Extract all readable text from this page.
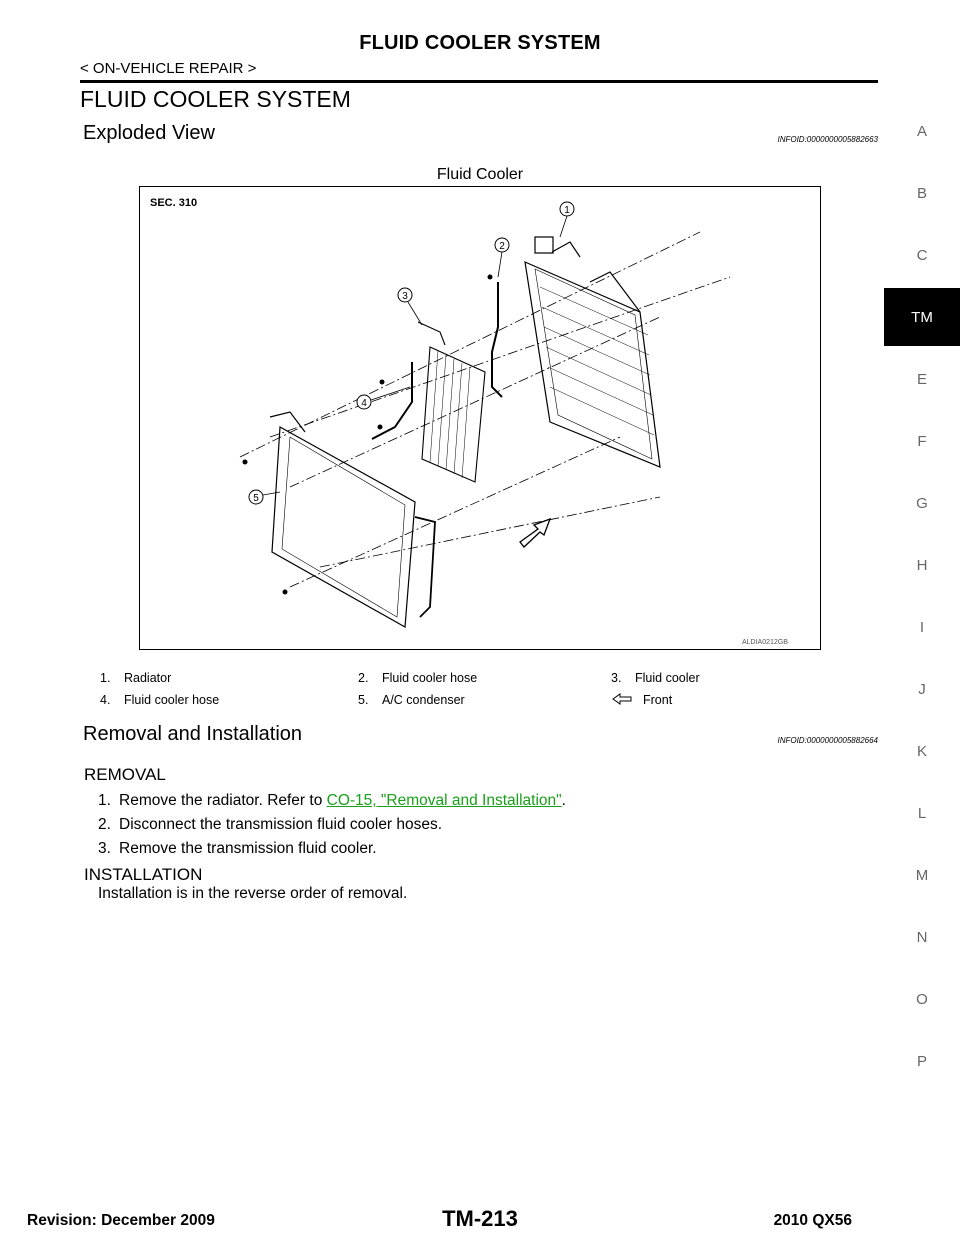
FLUID COOLER SYSTEM
< ON-VEHICLE REPAIR >
FLUID COOLER SYSTEM
Exploded View	INFOID:0000000005882663
Fluid Cooler
SEC. 310
ALDIA0212GB
1
2
3
4
5
1.	Radiator	2.	Fluid cooler hose	3.	Fluid cooler
4.	Fluid cooler hose	5.	A/C condenser	Front
Removal and Installation	INFOID:0000000005882664
REMOVAL
1. Remove the radiator. Refer to
CO-15, "Removal and Installation" .
2. Disconnect the transmission fluid cooler hoses.
3. Remove the transmission fluid cooler.
INSTALLATION
Installation is in the reverse order of removal.
A
B
C
TM
E
F
G
H
I
J
K
L
M
N
O
P
Revision: December 2009	TM-213	2010 QX56
